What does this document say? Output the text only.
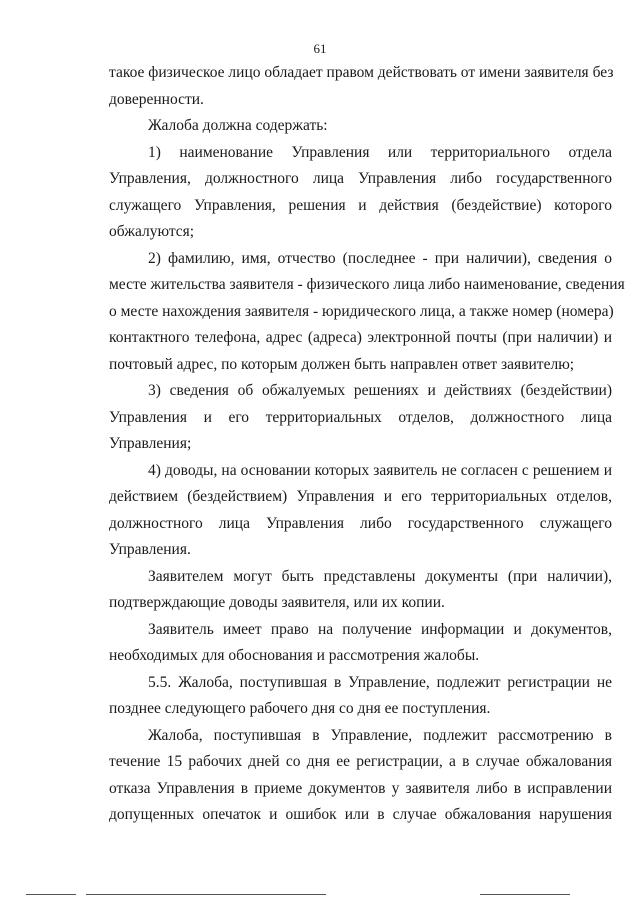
61
такое физическое лицо обладает правом действовать от имени заявителя без
доверенности.
Жалоба должна содержать:
1) наименование Управления или территориального отдела
Управления, должностного лица Управления либо государственного
служащего Управления, решения и действия (бездействие) которого
обжалуются;
2) фамилию, имя, отчество (последнее - при наличии), сведения о
месте жительства заявителя - физического лица либо наименование, сведения
о месте нахождения заявителя - юридического лица, а также номер (номера)
контактного телефона, адрес (адреса) электронной почты (при наличии) и
почтовый адрес, по которым должен быть направлен ответ заявителю;
3) сведения об обжалуемых решениях и действиях (бездействии)
Управления и его территориальных отделов, должностного лица
Управления;
4) доводы, на основании которых заявитель не согласен с решением и
действием (бездействием) Управления и его территориальных отделов,
должностного лица Управления либо государственного служащего
Управления.
Заявителем могут быть представлены документы (при наличии),
подтверждающие доводы заявителя, или их копии.
Заявитель имеет право на получение информации и документов,
необходимых для обоснования и рассмотрения жалобы.
5.5. Жалоба, поступившая в Управление, подлежит регистрации не
позднее следующего рабочего дня со дня ее поступления.
Жалоба, поступившая в Управление, подлежит рассмотрению в
течение 15 рабочих дней со дня ее регистрации, а в случае обжалования
отказа Управления в приеме документов у заявителя либо в исправлении
допущенных опечаток и ошибок или в случае обжалования нарушения
